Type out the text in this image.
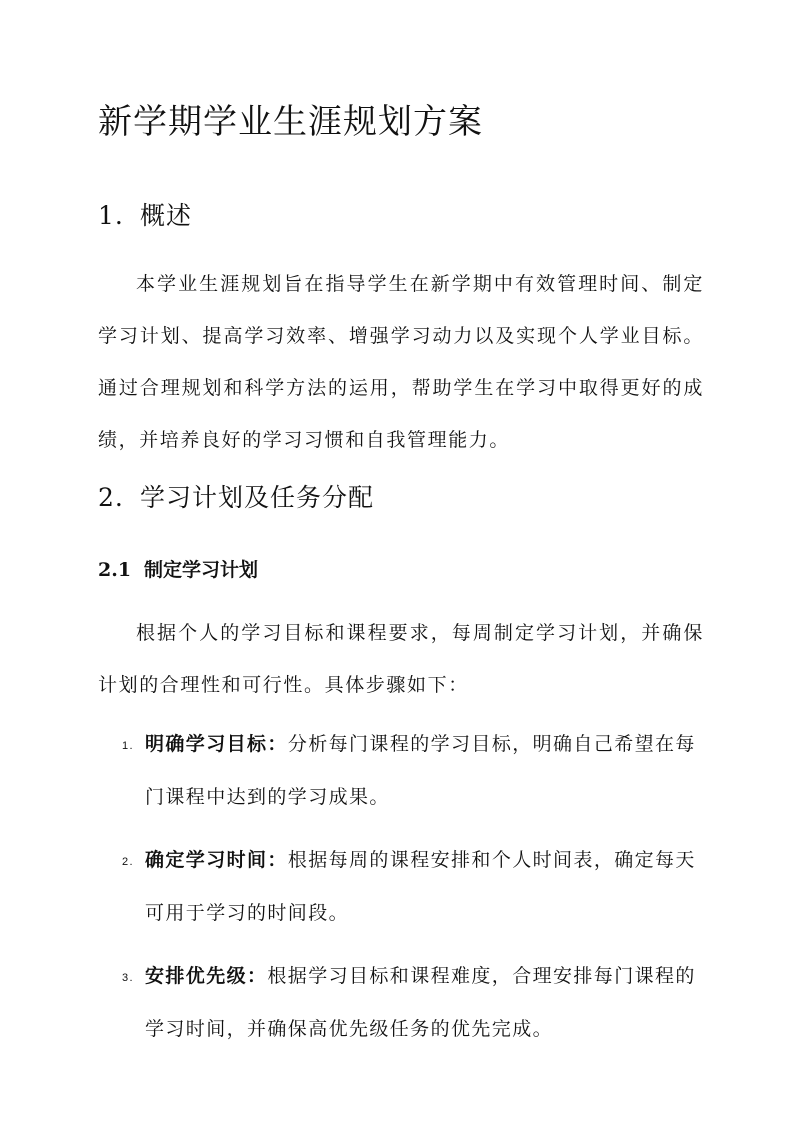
新学期学业生涯规划方案
1. 概述

本学业生涯规划旨在指导学生在新学期中有效管理时间、制定学习计划、提高学习效率、增强学习动力以及实现个人学业目标。通过合理规划和科学方法的运用，帮助学生在学习中取得更好的成绩，并培养良好的学习习惯和自我管理能力。

2. 学习计划及任务分配
2.1 制定学习计划

根据个人的学习目标和课程要求，每周制定学习计划，并确保计划的合理性和可行性。具体步骤如下：

1. 明确学习目标：分析每门课程的学习目标，明确自己希望在每门课程中达到的学习成果。
2. 确定学习时间：根据每周的课程安排和个人时间表，确定每天可用于学习的时间段。
3. 安排优先级：根据学习目标和课程难度，合理安排每门课程的学习时间，并确保高优先级任务的优先完成。
